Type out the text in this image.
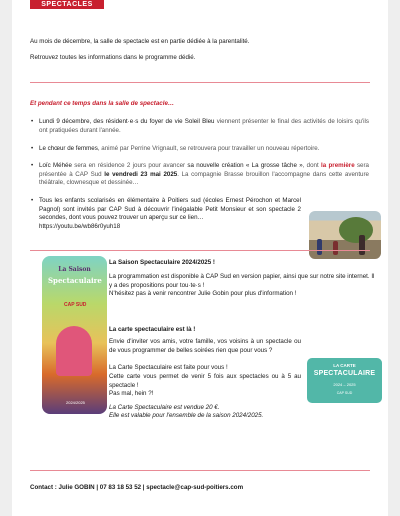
SPECTACLES
Au mois de décembre, la salle de spectacle est en partie dédiée à la parentalité.
Retrouvez toutes les informations dans le programme dédié.
Et pendant ce temps dans la salle de spectacle…
• Lundi 9 décembre, des résident·e·s du foyer de vie Soleil Bleu viennent présenter le final des activités de loisirs qu'ils ont pratiquées durant l'année.
• Le chœur de femmes, animé par Perrine Vrignault, se retrouvera pour travailler un nouveau répertoire.
• Loïc Méhée sera en résidence 2 jours pour avancer sa nouvelle création « La grosse tâche », dont la première sera présentée à CAP Sud le vendredi 23 mai 2025. La compagnie Brasse brouillon l'accompagne dans cette aventure théâtrale, clownesque et dessinée…
• Tous les enfants scolarisés en élémentaire à Poitiers sud (écoles Ernest Pérochon et Marcel Pagnol) sont invités par CAP Sud à découvrir l'inégalable Petit Monsieur et son spectacle 2 secondes, dont vous pouvez trouver un aperçu sur ce lien…
https://youtu.be/wb86r0yuh18
La Saison
Spectaculaire
CAP SUD
2024/2025
La Saison Spectaculaire 2024/2025 !
La programmation est disponible à CAP Sud en version papier, ainsi que sur notre site internet. Il y a des propositions pour tou·te·s !
N'hésitez pas à venir rencontrer Julie Gobin pour plus d'information !
La carte spectaculaire est là !
Envie d'inviter vos amis, votre famille, vos voisins à un spectacle ou de vous programmer de belles soirées rien que pour vous ?
La Carte Spectaculaire est faite pour vous !
Cette carte vous permet de venir 5 fois aux spectacles ou à 5 au spectacle !
Pas mal, hein ?!
La Carte Spectaculaire est vendue 20 €.
Elle est valable pour l'ensemble de la saison 2024/2025.
LA CARTE
SPECTACULAIRE
2024 – 2025
CAP SUD
Contact : Julie GOBIN | 07 83 18 53 52 | spectacle@cap-sud-poitiers.com
